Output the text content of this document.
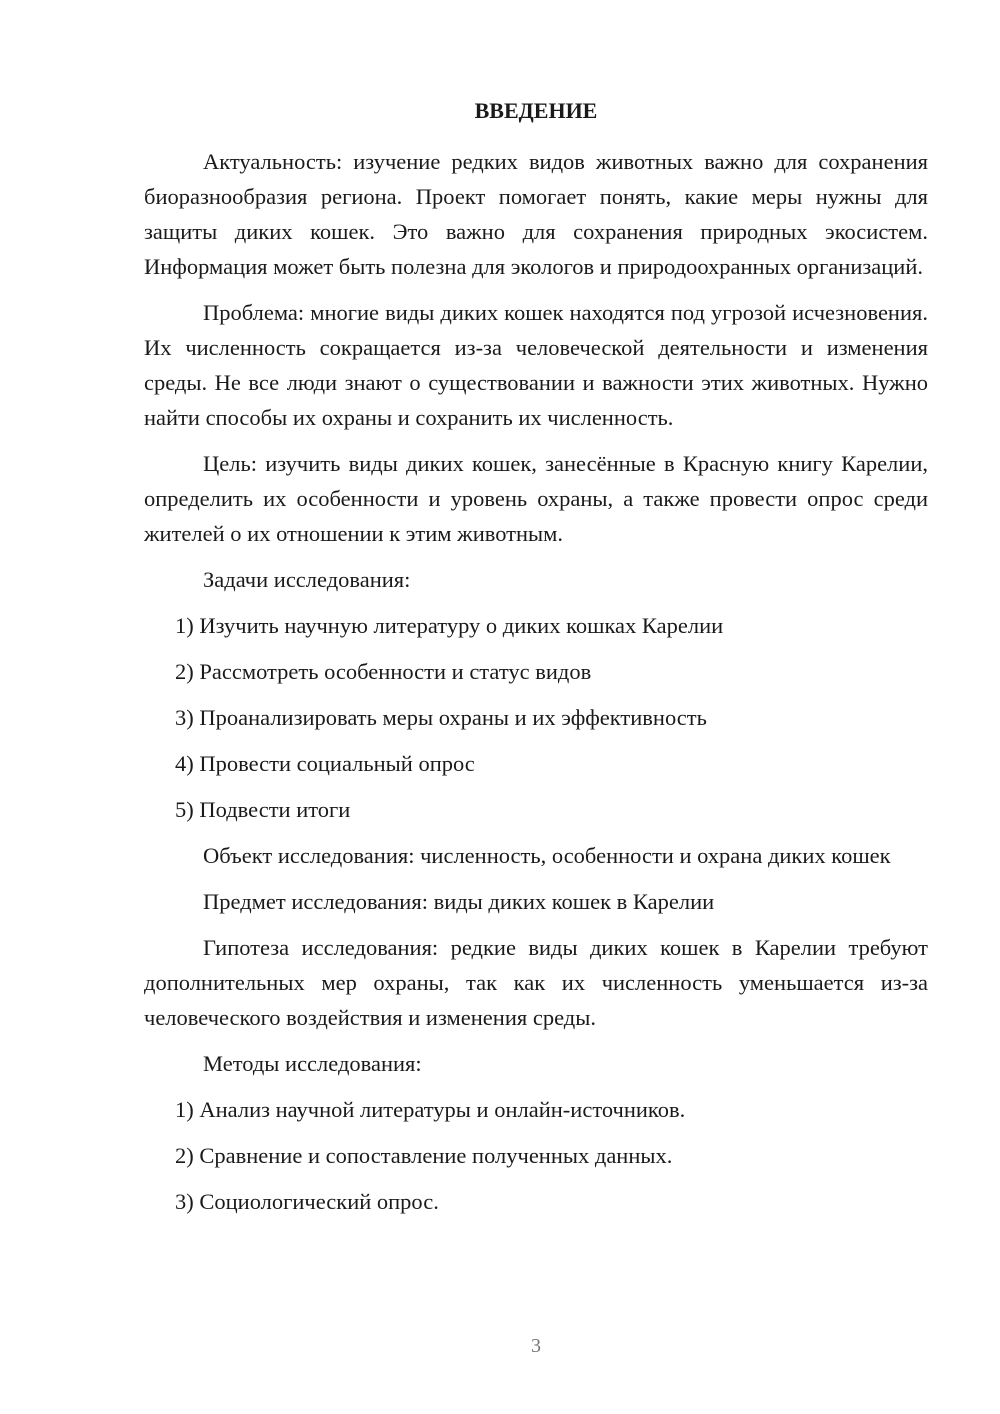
ВВЕДЕНИЕ

Актуальность: изучение редких видов животных важно для сохранения биоразнообразия региона. Проект помогает понять, какие меры нужны для защиты диких кошек. Это важно для сохранения природных экосистем. Информация может быть полезна для экологов и природоохранных организаций.

Проблема: многие виды диких кошек находятся под угрозой исчезновения. Их численность сокращается из-за человеческой деятельности и изменения среды. Не все люди знают о существовании и важности этих животных. Нужно найти способы их охраны и сохранить их численность.

Цель: изучить виды диких кошек, занесённые в Красную книгу Карелии, определить их особенности и уровень охраны, а также провести опрос среди жителей о их отношении к этим животным.

Задачи исследования:

1) Изучить научную литературу о диких кошках Карелии

2) Рассмотреть особенности и статус видов

3) Проанализировать меры охраны и их эффективность

4) Провести социальный опрос

5) Подвести итоги

Объект исследования: численность, особенности и охрана диких кошек

Предмет исследования: виды диких кошек в Карелии

Гипотеза исследования: редкие виды диких кошек в Карелии требуют дополнительных мер охраны, так как их численность уменьшается из-за человеческого воздействия и изменения среды.

Методы исследования:

1) Анализ научной литературы и онлайн-источников.

2) Сравнение и сопоставление полученных данных.

3) Социологический опрос.

3
